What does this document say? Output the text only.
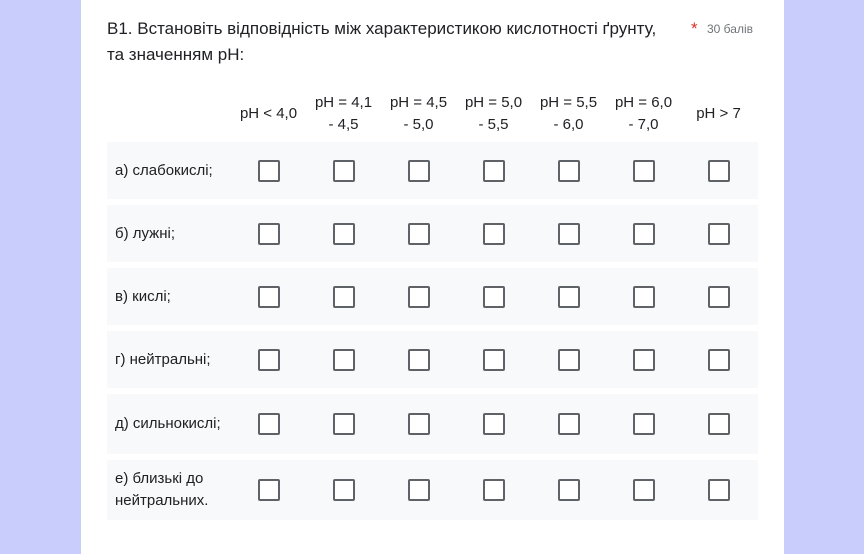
В1. Встановіть відповідність між характеристикою кислотності ґрунту, та значенням pH:
* 30 балів
pH < 4,0
pH = 4,1
- 4,5
pH = 4,5
- 5,0
pH = 5,0
- 5,5
pH = 5,5
- 6,0
pH = 6,0
- 7,0
pH > 7
а) слабокислі;
б) лужні;
в) кислі;
г) нейтральні;
д) сильнокислі;
е) близькі до нейтральних.
